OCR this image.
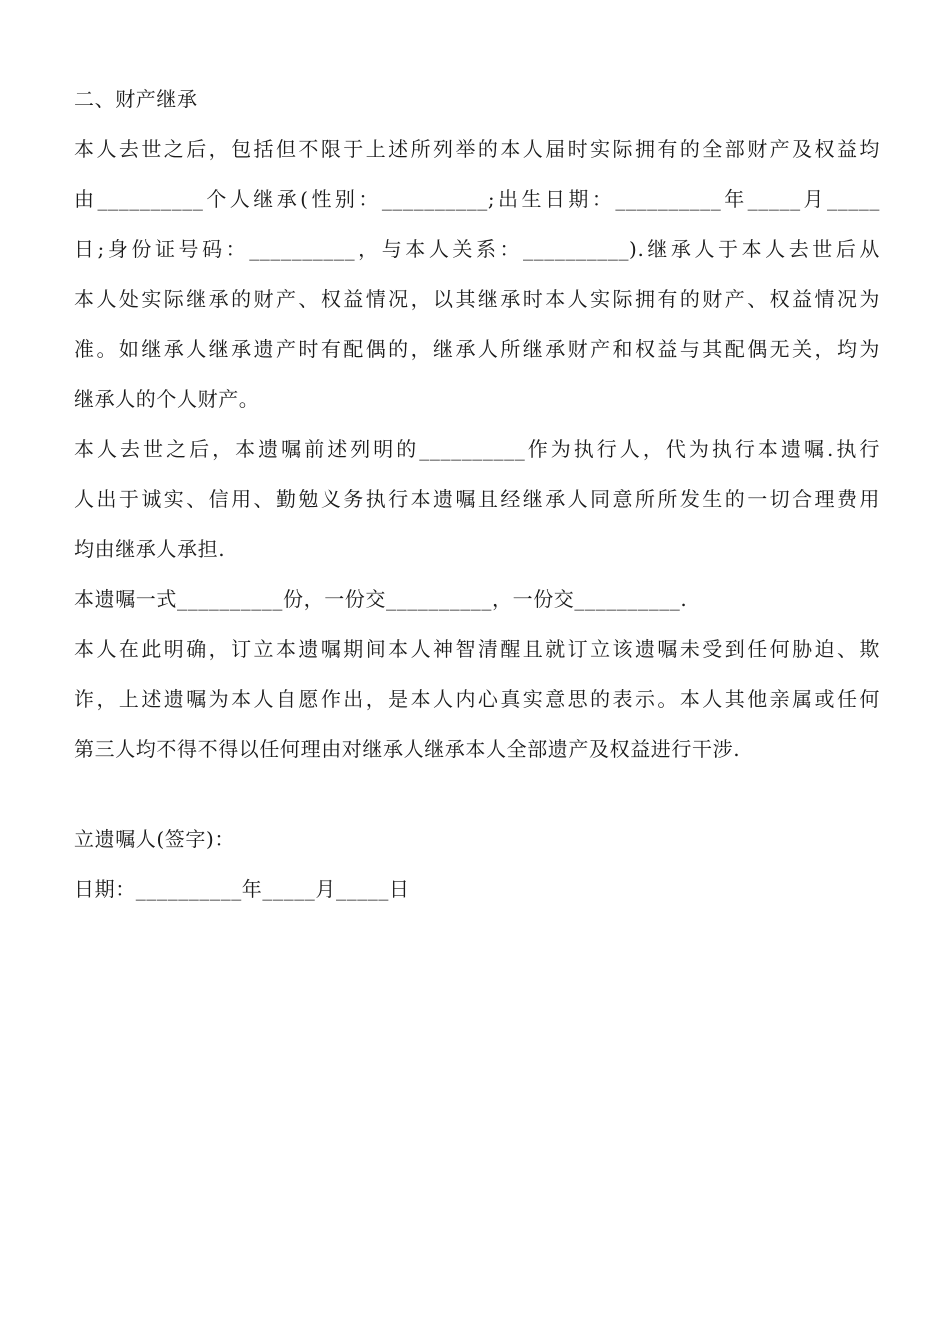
二、财产继承
本人去世之后，包括但不限于上述所列举的本人届时实际拥有的全部财产及权益均
由__________个人继承(性别：__________;出生日期：__________年_____月_____
日;身份证号码：__________，与本人关系：__________).继承人于本人去世后从
本人处实际继承的财产、权益情况，以其继承时本人实际拥有的财产、权益情况为
准。如继承人继承遗产时有配偶的，继承人所继承财产和权益与其配偶无关，均为
继承人的个人财产。
本人去世之后，本遗嘱前述列明的__________作为执行人，代为执行本遗嘱.执行
人出于诚实、信用、勤勉义务执行本遗嘱且经继承人同意所所发生的一切合理费用
均由继承人承担.
本遗嘱一式__________份，一份交__________，一份交__________.
本人在此明确，订立本遗嘱期间本人神智清醒且就订立该遗嘱未受到任何胁迫、欺
诈，上述遗嘱为本人自愿作出，是本人内心真实意思的表示。本人其他亲属或任何
第三人均不得不得以任何理由对继承人继承本人全部遗产及权益进行干涉.
立遗嘱人(签字)：
日期：__________年_____月_____日
